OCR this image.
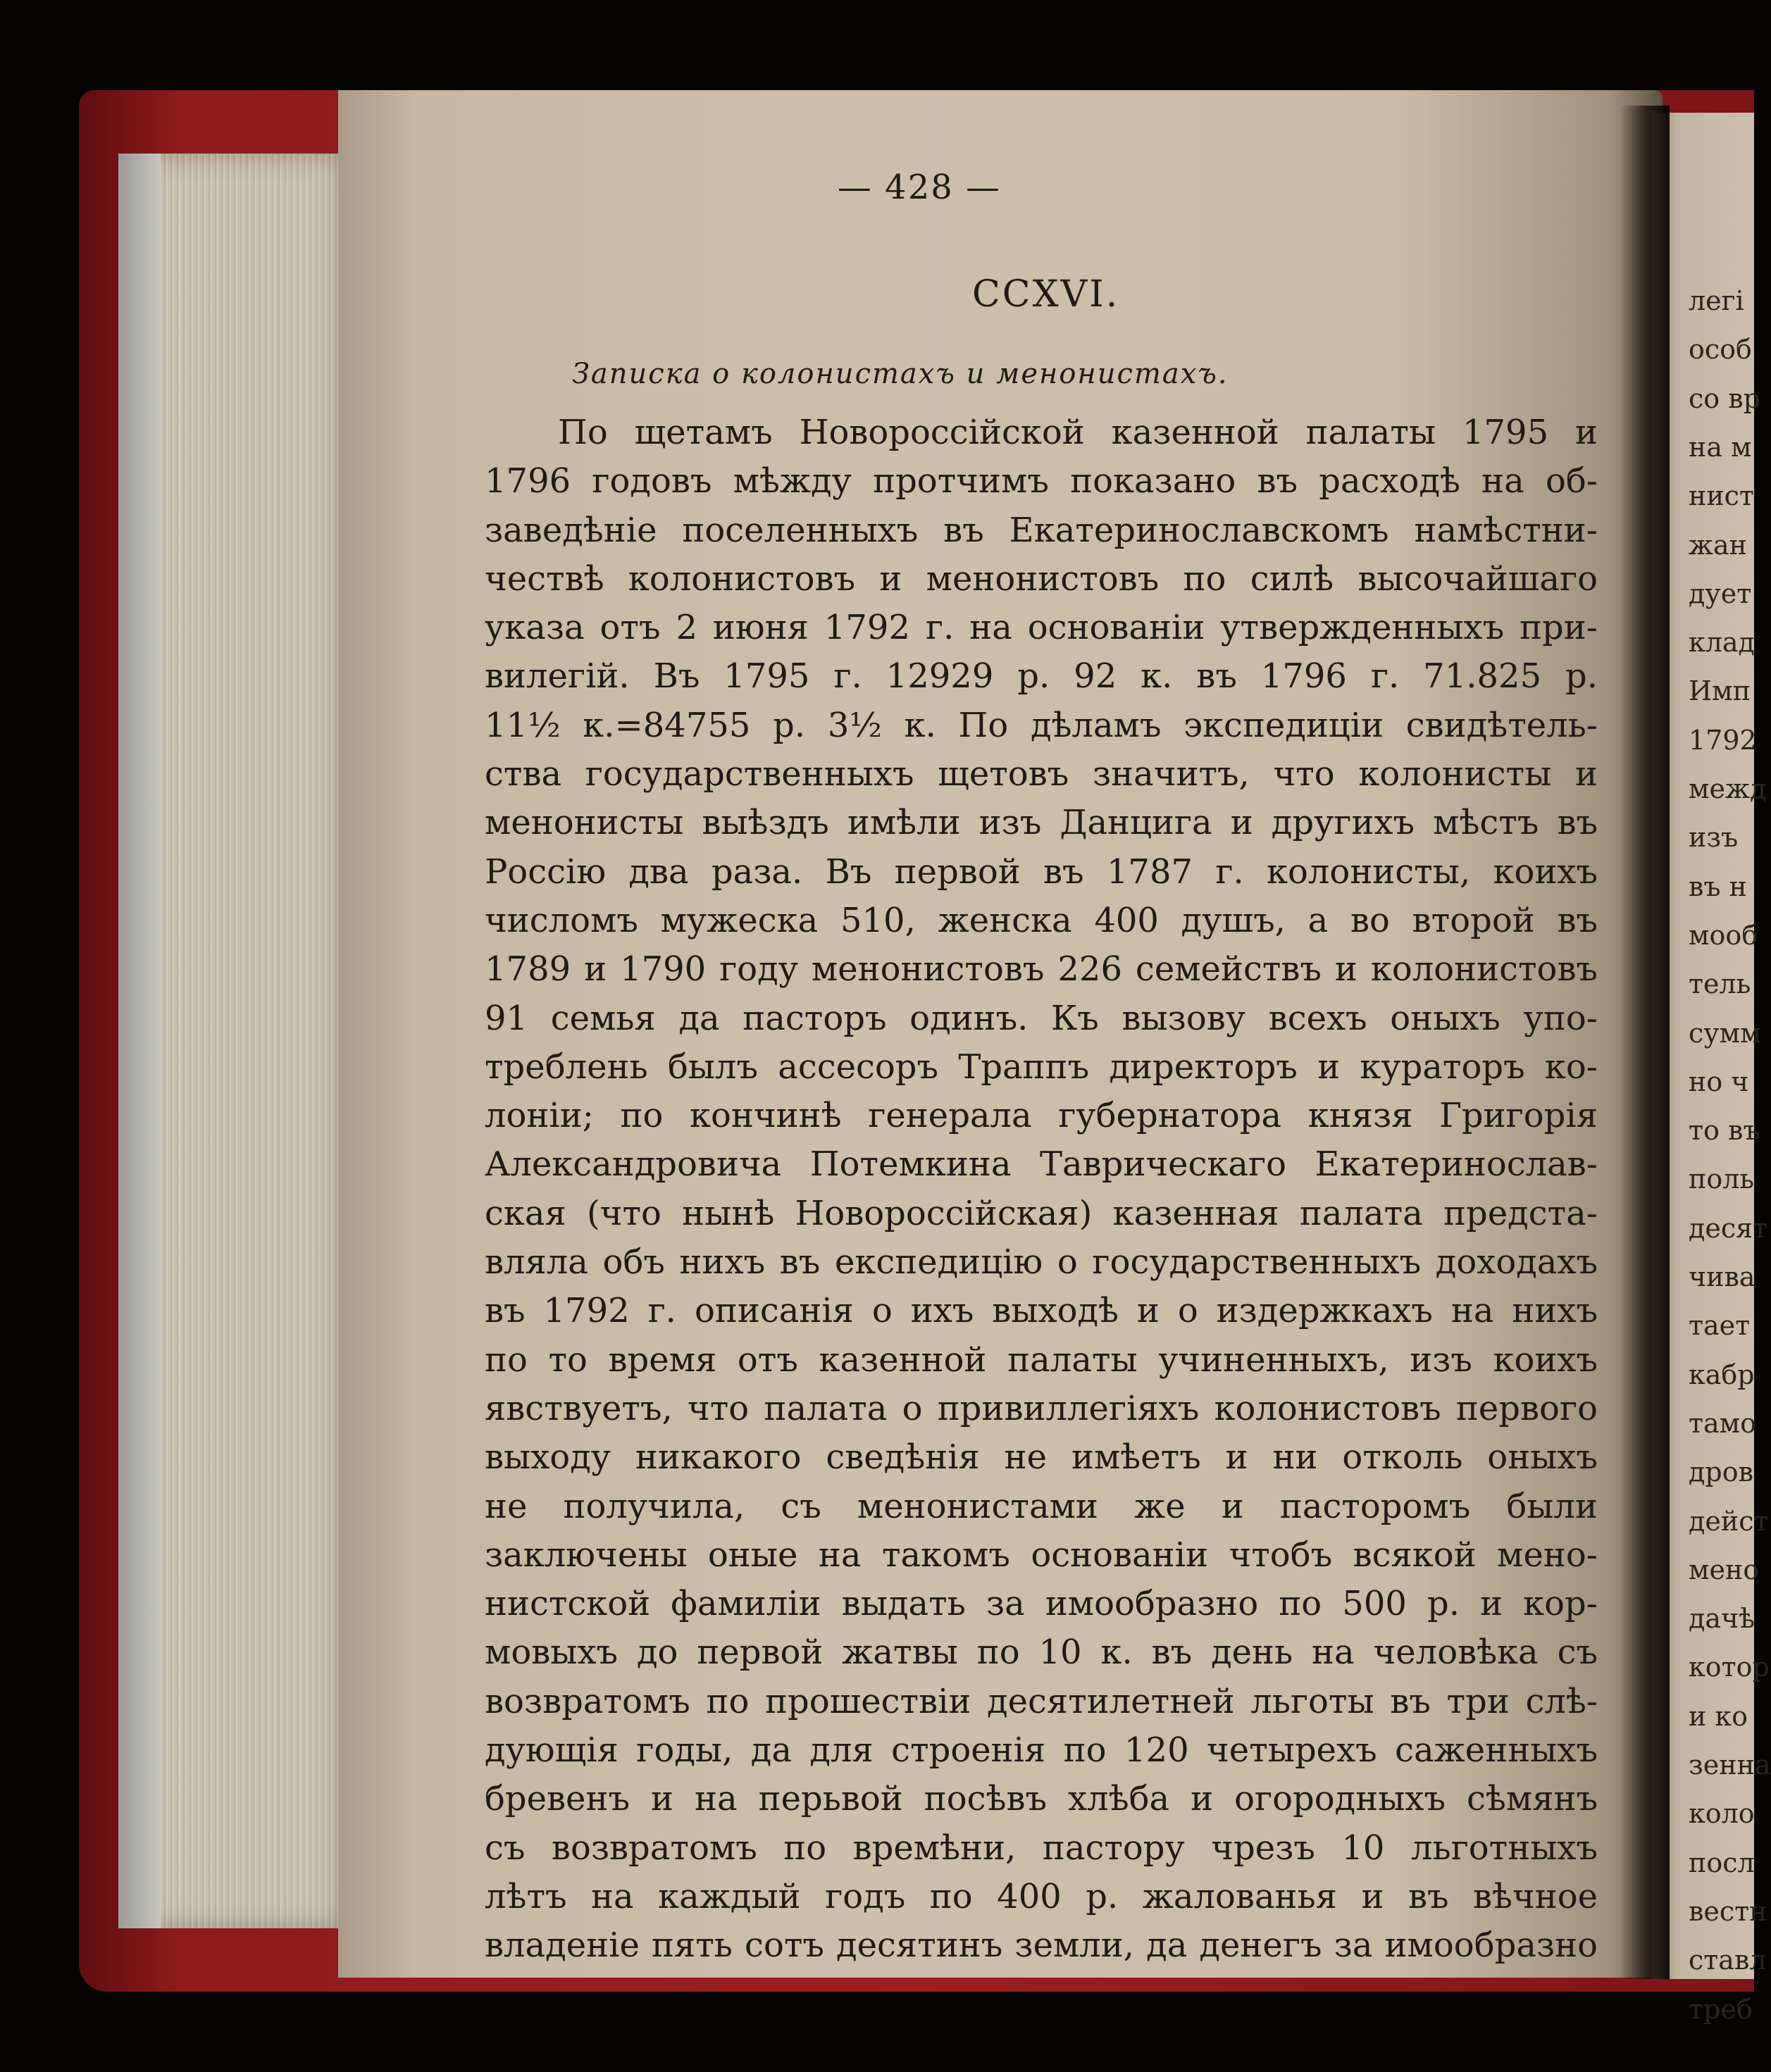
легі
особ
со вр
на м
нист
жан
дует
клад
Имп
1792
межд
изъ
въ н
мооб
тель
сумм
но ч
то въ
поль
десят
чива
тает
кабр
тамо
дров
дейст
мено
дачѣ
котор
и ко
зенна
коло
посл
вестн
ставл
треб
— 428 —
CCXVI.
Записка о колонистахъ и менонистахъ.
По щетамъ Новороссiйской казенной палаты 1795 и
1796 годовъ мѣжду протчимъ показано въ расходѣ на об-
заведѣнiе поселенныхъ въ Екатеринославскомъ намѣстни-
чествѣ колонистовъ и менонистовъ по силѣ высочайшаго
указа отъ 2 июня 1792 г. на основанiи утвержденныхъ при-
вилегiй. Въ 1795 г. 12929 р. 92 к. въ 1796 г. 71.825 р.
11½ к.=84755 р. 3½ к. По дѣламъ экспедицiи свидѣтель-
ства государственныхъ щетовъ значитъ, что колонисты и
менонисты выѣздъ имѣли изъ Данцига и другихъ мѣстъ въ
Россiю два раза. Въ первой въ 1787 г. колонисты, коихъ
числомъ мужеска 510, женска 400 душъ, а во второй въ
1789 и 1790 году менонистовъ 226 семействъ и колонистовъ
91 семья да пасторъ одинъ. Къ вызову всехъ оныхъ упо-
треблень былъ ассесоръ Траппъ директоръ и кураторъ ко-
лонiи; по кончинѣ генерала губернатора князя Григорiя
Александровича Потемкина Таврическаго Екатеринослав-
ская (что нынѣ Новороссiйская) казенная палата предста-
вляла объ нихъ въ експедицiю о государственныхъ доходахъ
въ 1792 г. описанiя о ихъ выходѣ и о издержкахъ на нихъ
по то время отъ казенной палаты учиненныхъ, изъ коихъ
явствуетъ, что палата о привиллегiяхъ колонистовъ первого
выходу никакого сведѣнiя не имѣетъ и ни отколь оныхъ
не получила, съ менонистами же и пасторомъ были
заключены оные на такомъ основанiи чтобъ всякой мено-
нистской фамилiи выдать за имообразно по 500 р. и кор-
мовыхъ до первой жатвы по 10 к. въ день на человѣка съ
возвратомъ по прошествiи десятилетней льготы въ три слѣ-
дующiя годы, да для строенiя по 120 четырехъ саженныхъ
бревенъ и на перьвой посѣвъ хлѣба и огородныхъ сѣмянъ
съ возвратомъ по времѣни, пастору чрезъ 10 льготныхъ
лѣтъ на каждый годъ по 400 р. жалованья и въ вѣчное
владенiе пять сотъ десятинъ земли, да денегъ за имообразно
